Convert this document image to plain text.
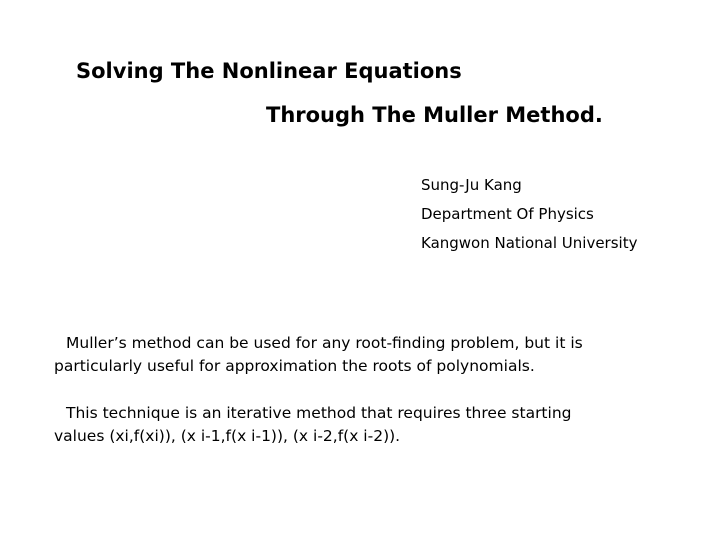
Solving The Nonlinear Equations
Through The Muller Method.
Sung-Ju Kang
Department Of Physics
Kangwon National University
Muller’s method can be used for any root-finding problem, but it is
particularly useful for approximation the roots of polynomials.
This technique is an iterative method that requires three starting
values (xi,f(xi)), (x i-1,f(x i-1)), (x i-2,f(x i-2)).
